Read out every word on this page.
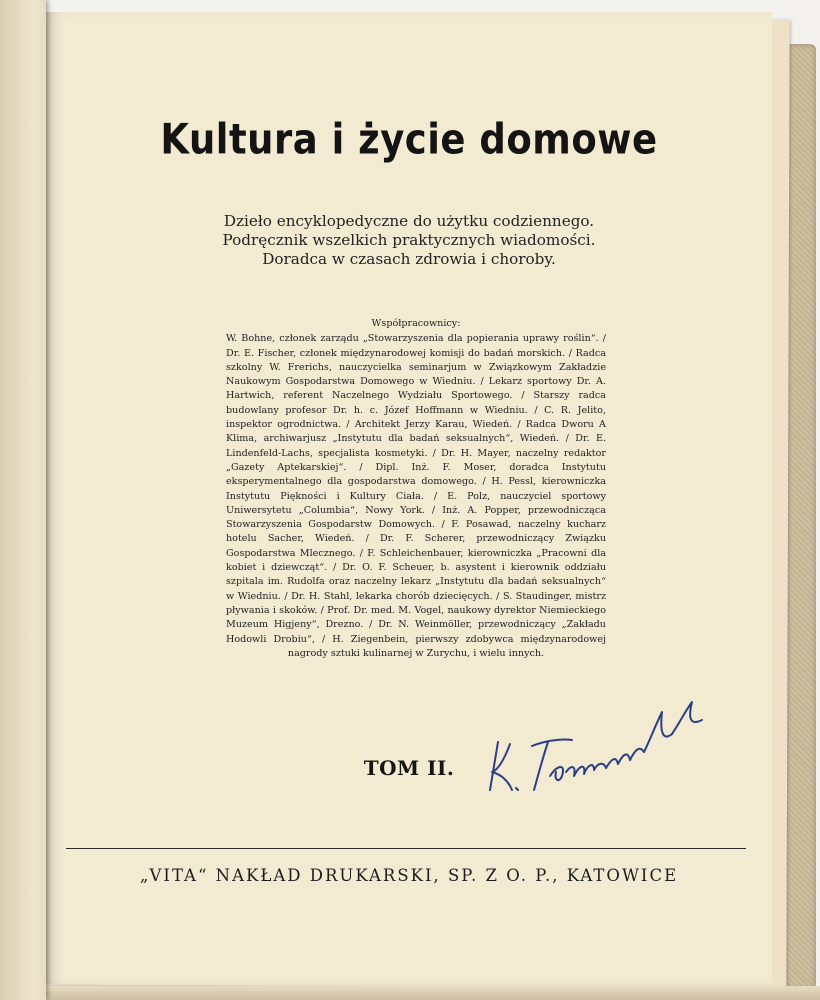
Kultura i życie domowe
Dzieło encyklopedyczne do użytku codziennego.
Podręcznik wszelkich praktycznych wiadomości.
Doradca w czasach zdrowia i choroby.
Współpracownicy:
W. Bohne, członek zarządu „Stowarzyszenia dla popierania uprawy roślin“. / Dr. E. Fischer, członek międzynarodowej komisji do badań morskich. / Radca szkolny W. Frerichs, nauczycielka seminarjum w Związkowym Zakładzie Naukowym Gospodarstwa Domowego w Wiedniu. / Lekarz sportowy Dr. A. Hartwich, referent Naczelnego Wydziału Sportowego. / Starszy radca budowlany profesor Dr. h. c. Józef Hoffmann w Wiedniu. / C. R. Jelito, inspektor ogrodnictwa. / Architekt Jerzy Karau, Wiedeń. / Radca Dworu A Klima, archiwarjusz „Instytutu dla badań seksualnych“, Wiedeń. / Dr. E. Lindenfeld-Lachs, specjalista kosmetyki. / Dr. H. Mayer, naczelny redaktor „Gazety Aptekarskiej“. / Dipl. Inż. F. Moser, doradca Instytutu eksperymentalnego dla gospodarstwa domowego. / H. Pessl, kierowniczka Instytutu Piękności i Kultury Ciała. / E. Polz, nauczyciel sportowy Uniwersytetu „Columbia“, Nowy York. / Inż. A. Popper, przewodnicząca Stowarzyszenia Gospodarstw Domowych. / F. Posawad, naczelny kucharz hotelu Sacher, Wiedeń. / Dr. F. Scherer, przewodniczący Związku Gospodarstwa Mlecznego. / F. Schleichenbauer, kierowniczka „Pracowni dla kobiet i dziewcząt“. / Dr. O. F. Scheuer, b. asystent i kierownik oddziału szpitala im. Rudolfa oraz naczelny lekarz „Instytutu dla badań seksualnych“ w Wiedniu. / Dr. H. Stahl, lekarka chorób dziecięcych. / S. Staudinger, mistrz pływania i skoków. / Prof. Dr. med. M. Vogel, naukowy dyrektor Niemieckiego Muzeum Higjeny“, Drezno. / Dr. N. Weinmöller, przewodniczący „Zakładu Hodowli Drobiu“, / H. Ziegenbein, pierwszy zdobywca międzynarodowej nagrody sztuki kulinarnej w Zurychu, i wielu innych.
TOM II.
„VITA“ NAKŁAD DRUKARSKI, SP. Z O. P., KATOWICE
